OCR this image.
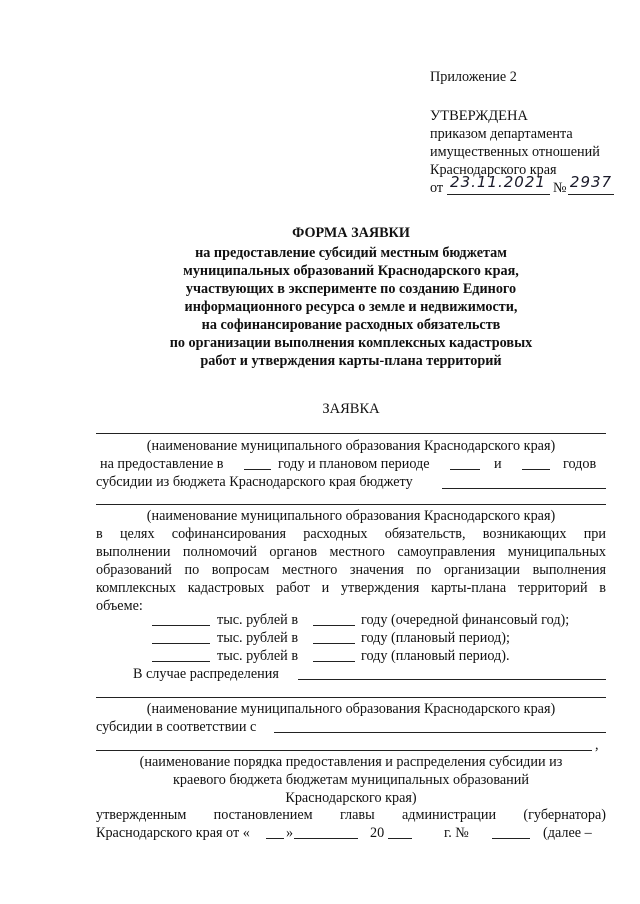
Приложение 2
УТВЕРЖДЕНА
приказом департамента
имущественных отношений
Краснодарского края
от 23.11.2021 № 2937
ФОРМА ЗАЯВКИ
на предоставление субсидий местным бюджетам
муниципальных образований Краснодарского края,
участвующих в эксперименте по созданию Единого
информационного ресурса о земле и недвижимости,
на софинансирование расходных обязательств
по организации выполнения комплексных кадастровых
работ и утверждения карты-плана территорий
ЗАЯВКА
(наименование муниципального образования Краснодарского края)
на предоставление в	году и плановом периоде	и	годов
субсидии из бюджета Краснодарского края бюджету
(наименование муниципального образования Краснодарского края)
в целях софинансирования расходных обязательств, возникающих при
выполнении полномочий органов местного самоуправления муниципальных
образований по вопросам местного значения по организации выполнения
комплексных кадастровых работ и утверждения карты-плана территорий в
объеме:
тыс. рублей в	году (очередной финансовый год);
тыс. рублей в	году (плановый период);
тыс. рублей в	году (плановый период).
В случае распределения
(наименование муниципального образования Краснодарского края)
субсидии в соответствии с
,
(наименование порядка предоставления и распределения субсидии из
краевого бюджета бюджетам муниципальных образований
Краснодарского края)
утвержденным постановлением главы администрации (губернатора)
Краснодарского края от «	»	20	г. №	(далее –
